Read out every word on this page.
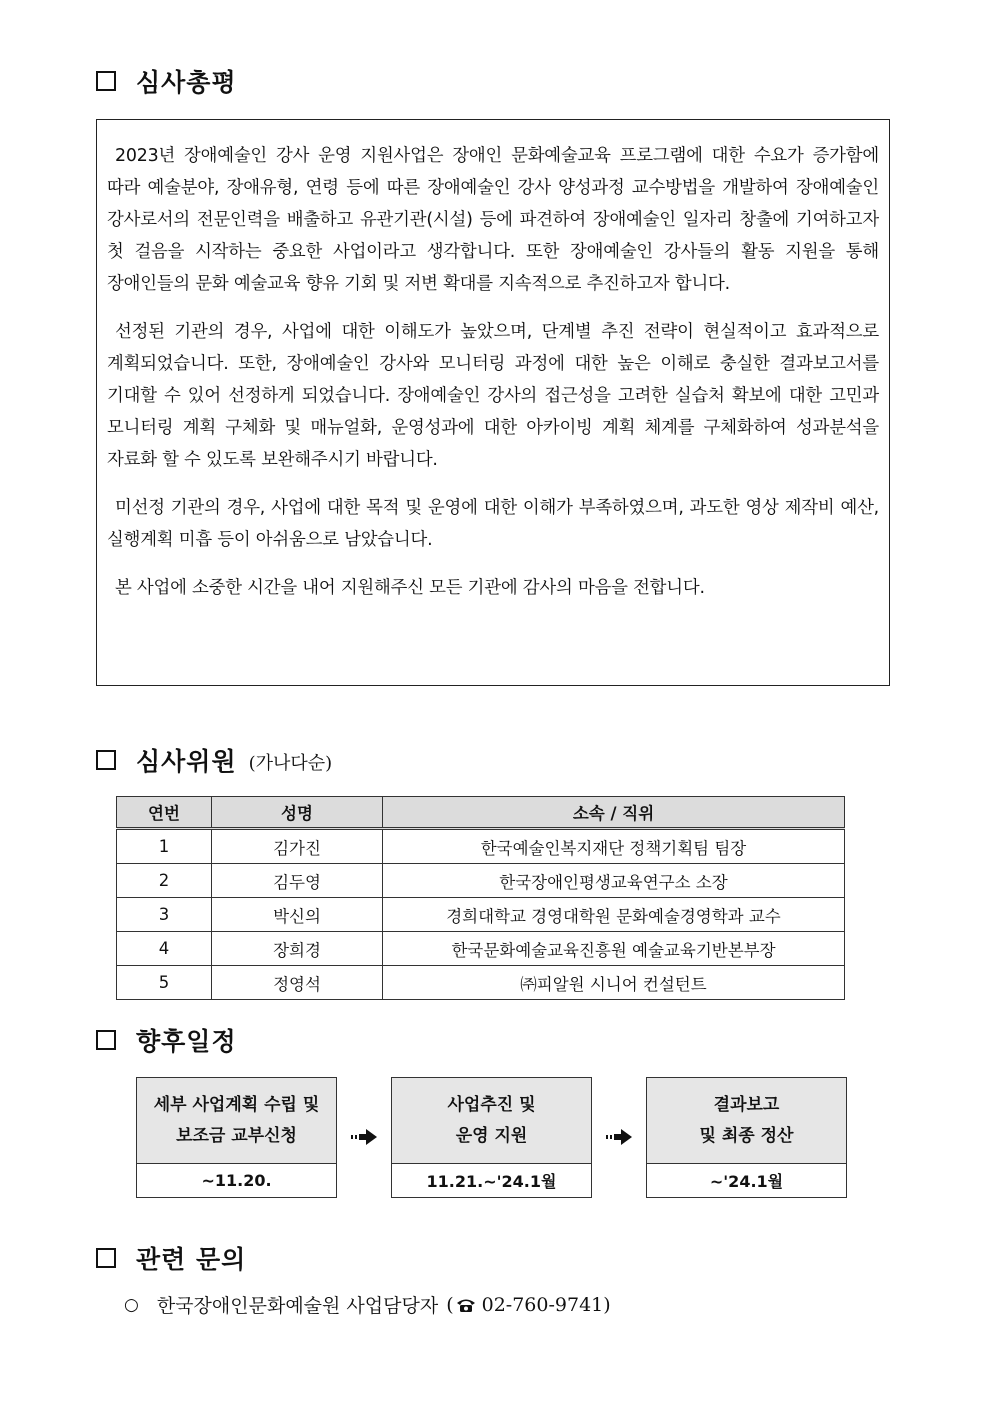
심사총평

2023년 장애예술인 강사 운영 지원사업은 장애인 문화예술교육 프로그램에 대한 수요가 증가함에 따라 예술분야, 장애유형, 연령 등에 따른 장애예술인 강사 양성과정 교수방법을 개발하여 장애예술인 강사로서의 전문인력을 배출하고 유관기관(시설) 등에 파견하여 장애예술인 일자리 창출에 기여하고자 첫 걸음을 시작하는 중요한 사업이라고 생각합니다. 또한 장애예술인 강사들의 활동 지원을 통해 장애인들의 문화 예술교육 향유 기회 및 저변 확대를 지속적으로 추진하고자 합니다.

선정된 기관의 경우, 사업에 대한 이해도가 높았으며, 단계별 추진 전략이 현실적이고 효과적으로 계획되었습니다. 또한, 장애예술인 강사와 모니터링 과정에 대한 높은 이해로 충실한 결과보고서를 기대할 수 있어 선정하게 되었습니다. 장애예술인 강사의 접근성을 고려한 실습처 확보에 대한 고민과 모니터링 계획 구체화 및 매뉴얼화, 운영성과에 대한 아카이빙 계획 체계를 구체화하여 성과분석을 자료화 할 수 있도록 보완해주시기 바랍니다.

미선정 기관의 경우, 사업에 대한 목적 및 운영에 대한 이해가 부족하였으며, 과도한 영상 제작비 예산, 실행계획 미흡 등이 아쉬움으로 남았습니다.

본 사업에 소중한 시간을 내어 지원해주신 모든 기관에 감사의 마음을 전합니다.

심사위원 (가나다순)
연번	성명	소속 / 직위
1	김가진	한국예술인복지재단 정책기획팀 팀장
2	김두영	한국장애인평생교육연구소 소장
3	박신의	경희대학교 경영대학원 문화예술경영학과 교수
4	장희경	한국문화예술교육진흥원 예술교육기반본부장
5	정영석	㈜피알원 시니어 컨설턴트
향후일정
세부 사업계획 수립 및
보조금 교부신청
~11.20.
사업추진 및
운영 지원
11.21.~'24.1월
결과보고
및 최종 정산
~'24.1월
관련 문의
○ 한국장애인문화예술원 사업담당자 ( 02-760-9741 )
